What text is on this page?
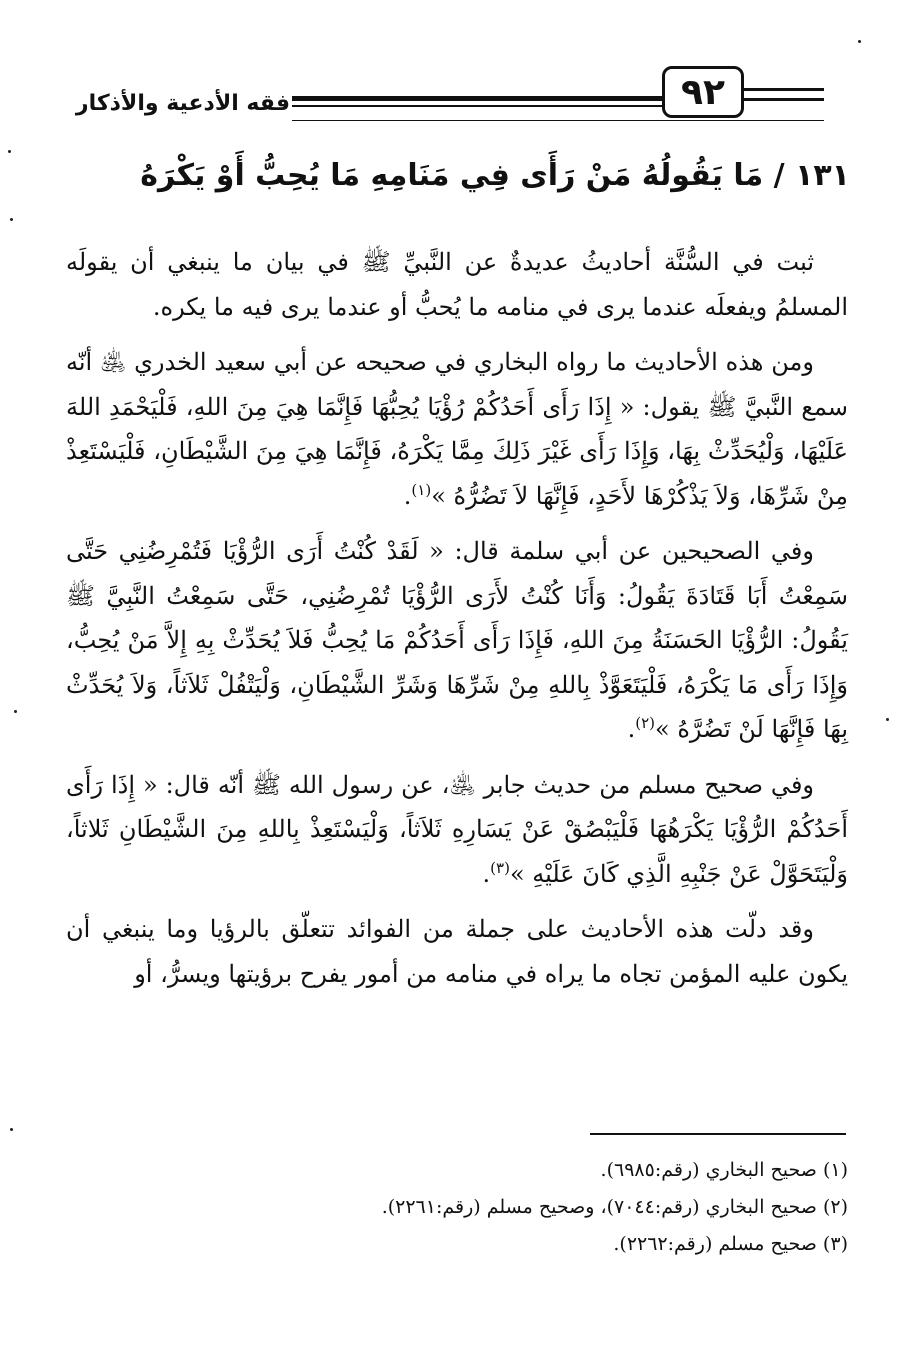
٩٢
فقه الأدعية والأذكار
١٣١ / مَا يَقُولُهُ مَنْ رَأَى فِي مَنَامِهِ مَا يُحِبُّ أَوْ يَكْرَهُ

ثبت في السُّنَّة أحاديثُ عديدةٌ عن النَّبيِّ ﷺ في بيان ما ينبغي أن يقولَه المسلمُ ويفعلَه عندما يرى في منامه ما يُحبُّ أو عندما يرى فيه ما يكره.

ومن هذه الأحاديث ما رواه البخاري في صحيحه عن أبي سعيد الخدري ﵁ أنّه سمع النَّبيَّ ﷺ يقول: « إِذَا رَأَى أَحَدُكُمْ رُؤْيَا يُحِبُّهَا فَإِنَّمَا هِيَ مِنَ اللهِ، فَلْيَحْمَدِ اللهَ عَلَيْهَا، وَلْيُحَدِّثْ بِهَا، وَإِذَا رَأَى غَيْرَ ذَلِكَ مِمَّا يَكْرَهُ، فَإِنَّمَا هِيَ مِنَ الشَّيْطَانِ، فَلْيَسْتَعِذْ مِنْ شَرِّهَا، وَلاَ يَذْكُرْهَا لأَحَدٍ، فَإِنَّهَا لاَ تَضُرُّهُ »$^{(١)}$.

وفي الصحيحين عن أبي سلمة قال: « لَقَدْ كُنْتُ أَرَى الرُّؤْيَا فَتُمْرِضُنِي حَتَّى سَمِعْتُ أَبَا قَتَادَةَ يَقُولُ: وَأَنَا كُنْتُ لأَرَى الرُّؤْيَا تُمْرِضُنِي، حَتَّى سَمِعْتُ النَّبِيَّ ﷺ يَقُولُ: الرُّؤْيَا الحَسَنَةُ مِنَ اللهِ، فَإِذَا رَأَى أَحَدُكُمْ مَا يُحِبُّ فَلاَ يُحَدِّثْ بِهِ إِلاَّ مَنْ يُحِبُّ، وَإِذَا رَأَى مَا يَكْرَهُ، فَلْيَتَعَوَّذْ بِاللهِ مِنْ شَرِّهَا وَشَرِّ الشَّيْطَانِ، وَلْيَتْفُلْ ثَلاَثاً، وَلاَ يُحَدِّثْ بِهَا فَإِنَّهَا لَنْ تَضُرَّهُ »$^{(٢)}$.

وفي صحيح مسلم من حديث جابر ﵁، عن رسول الله ﷺ أنّه قال: « إِذَا رَأَى أَحَدُكُمْ الرُّؤْيَا يَكْرَهُهَا فَلْيَبْصُقْ عَنْ يَسَارِهِ ثَلاَثاً، وَلْيَسْتَعِذْ بِاللهِ مِنَ الشَّيْطَانِ ثَلاثاً، وَلْيَتَحَوَّلْ عَنْ جَنْبِهِ الَّذِي كَانَ عَلَيْهِ »$^{(٣)}$.

وقد دلّت هذه الأحاديث على جملة من الفوائد تتعلّق بالرؤيا وما ينبغي أن يكون عليه المؤمن تجاه ما يراه في منامه من أمور يفرح برؤيتها ويسرُّ، أو

(١) صحيح البخاري (رقم:٦٩٨٥).

(٢) صحيح البخاري (رقم:٧٠٤٤)، وصحيح مسلم (رقم:٢٢٦١).

(٣) صحيح مسلم (رقم:٢٢٦٢).
